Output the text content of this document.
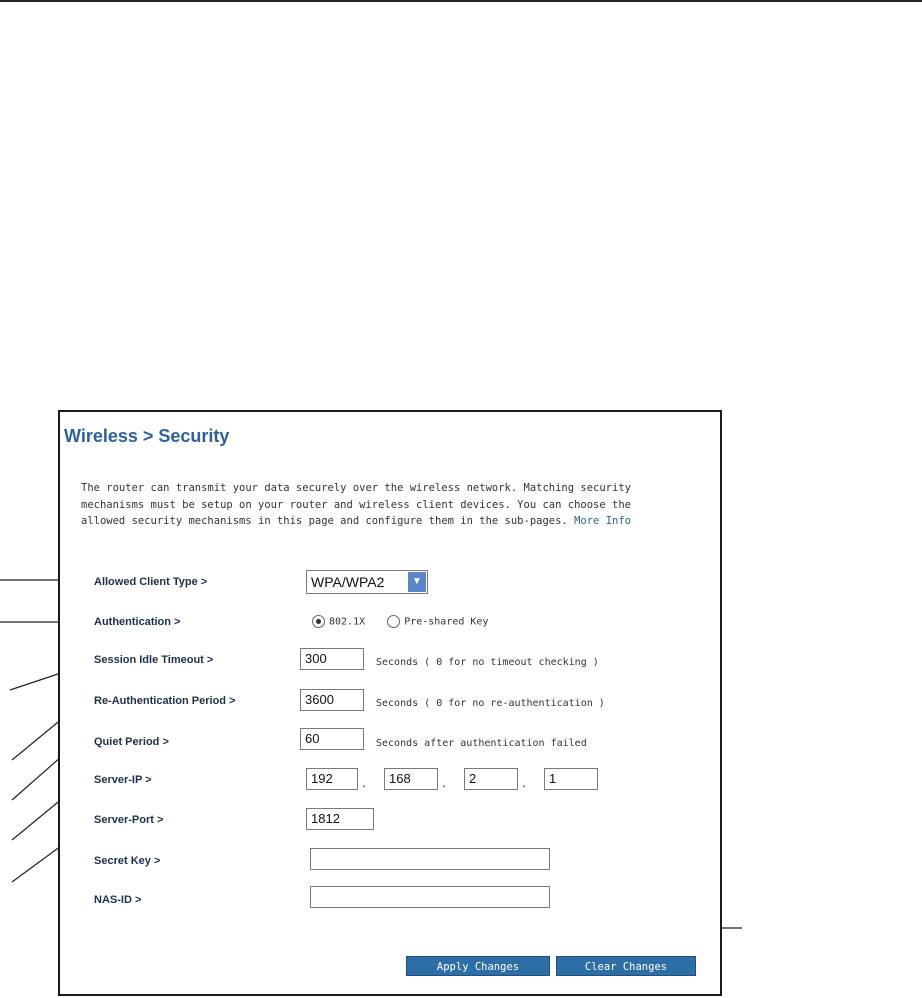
Wireless > Security
The router can transmit your data securely over the wireless network. Matching security mechanisms must be setup on your router and wireless client devices. You can choose the allowed security mechanisms in this page and configure them in the sub-pages. More Info
Allowed Client Type >	WPA/WPA2	▼
Authentication >	802.1X	Pre-shared Key
Session Idle Timeout >	300	Seconds ( 0 for no timeout checking )
Re-Authentication Period >	3600	Seconds ( 0 for no re-authentication )
Quiet Period >	60	Seconds after authentication failed
Server-IP >	192	.	168	.	2	.	1
Server-Port >	1812
Secret Key >
NAS-ID >
Apply Changes	Clear Changes
